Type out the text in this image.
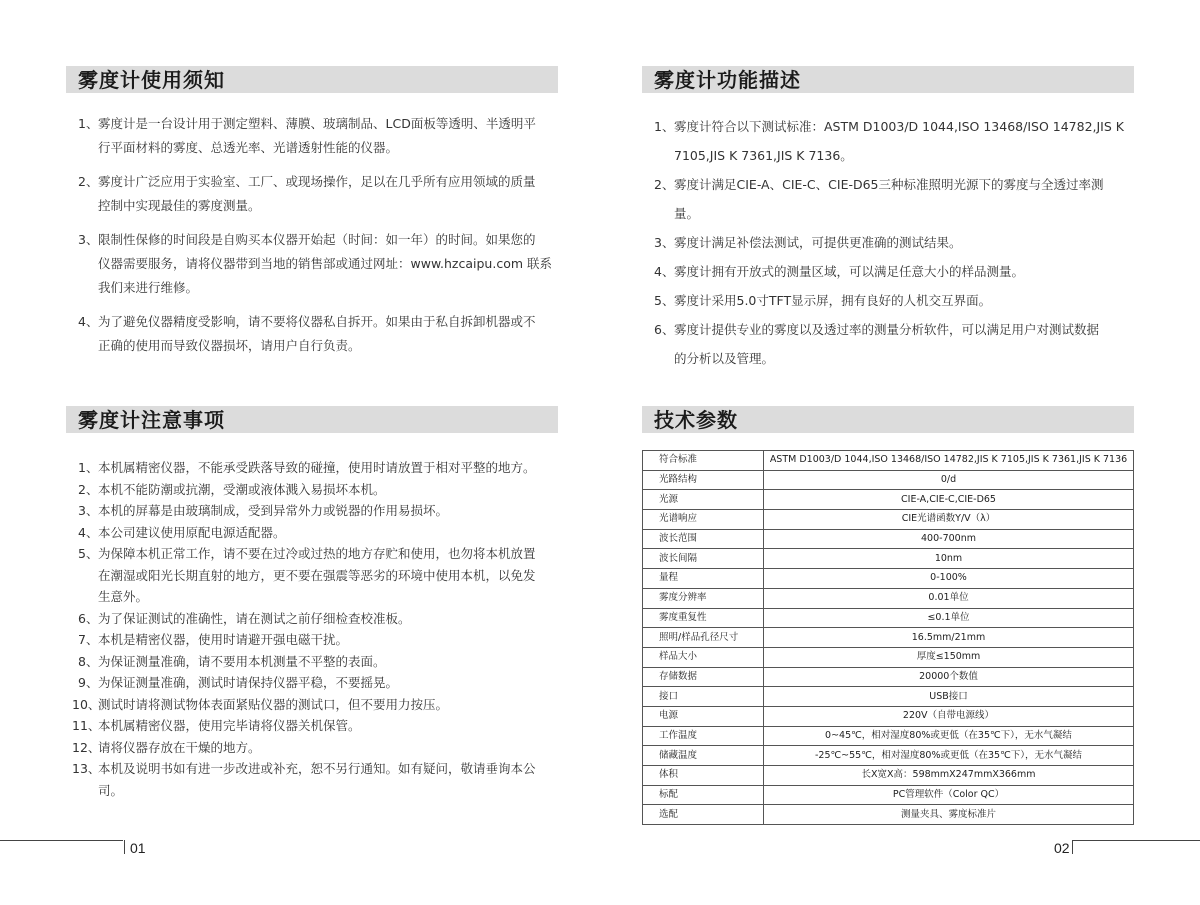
雾度计使用须知
1、 雾度计是一台设计用于测定塑料、薄膜、玻璃制品、LCD面板等透明、半透明平
行平面材料的雾度、总透光率、光谱透射性能的仪器。
2、 雾度计广泛应用于实验室、工厂、或现场操作，足以在几乎所有应用领域的质量
控制中实现最佳的雾度测量。
3、 限制性保修的时间段是自购买本仪器开始起（时间：如一年）的时间。如果您的
仪器需要服务，请将仪器带到当地的销售部或通过网址：www.hzcaipu.com 联系
我们来进行维修。
4、 为了避免仪器精度受影响，请不要将仪器私自拆开。如果由于私自拆卸机器或不
正确的使用而导致仪器损坏，请用户自行负责。
雾度计注意事项
1、 本机属精密仪器，不能承受跌落导致的碰撞，使用时请放置于相对平整的地方。
2、 本机不能防潮或抗潮，受潮或液体溅入易损坏本机。
3、 本机的屏幕是由玻璃制成，受到异常外力或锐器的作用易损坏。
4、 本公司建议使用原配电源适配器。
5、 为保障本机正常工作，请不要在过冷或过热的地方存贮和使用，也勿将本机放置
在潮湿或阳光长期直射的地方，更不要在强震等恶劣的环境中使用本机，以免发
生意外。
6、 为了保证测试的准确性，请在测试之前仔细检查校准板。
7、 本机是精密仪器，使用时请避开强电磁干扰。
8、 为保证测量准确，请不要用本机测量不平整的表面。
9、 为保证测量准确，测试时请保持仪器平稳，不要摇晃。
10、
测试时请将测试物体表面紧贴仪器的测试口，但不要用力按压。
11、
本机属精密仪器，使用完毕请将仪器关机保管。
12、
请将仪器存放在干燥的地方。
13、
本机及说明书如有进一步改进或补充，恕不另行通知。如有疑问，敬请垂询本公
司。
01
雾度计功能描述
1、 雾度计符合以下测试标准：ASTM D1003/D 1044,ISO 13468/ISO 14782,JIS K
7105,JIS K 7361,JIS K 7136。
2、 雾度计满足CIE-A、CIE-C、CIE-D65三种标准照明光源下的雾度与全透过率测
量。
3、 雾度计满足补偿法测试，可提供更准确的测试结果。
4、 雾度计拥有开放式的测量区域，可以满足任意大小的样品测量。
5、 雾度计采用5.0寸TFT显示屏，拥有良好的人机交互界面。
6、 雾度计提供专业的雾度以及透过率的测量分析软件，可以满足用户对测试数据
的分析以及管理。
技术参数
符合标准	ASTM D1003/D 1044,ISO 13468/ISO 14782,JIS K 7105,JIS K 7361,JIS K 7136
光路结构	0/d
光源	CIE-A,CIE-C,CIE-D65
光谱响应	CIE光谱函数Y/V（λ）
波长范围	400-700nm
波长间隔	10nm
量程	0-100%
雾度分辨率	0.01单位
雾度重复性	≤0.1单位
照明/样品孔径尺寸	16.5mm/21mm
样品大小	厚度≤150mm
存储数据	20000个数值
接口	USB接口
电源	220V（自带电源线）
工作温度	0~45℃，相对湿度80%或更低（在35℃下），无水气凝结
储藏温度	-25℃~55℃，相对湿度80%或更低（在35℃下），无水气凝结
体积	长X宽X高：598mmX247mmX366mm
标配	PC管理软件（Color QC）
选配	测量夹具、雾度标准片
02
